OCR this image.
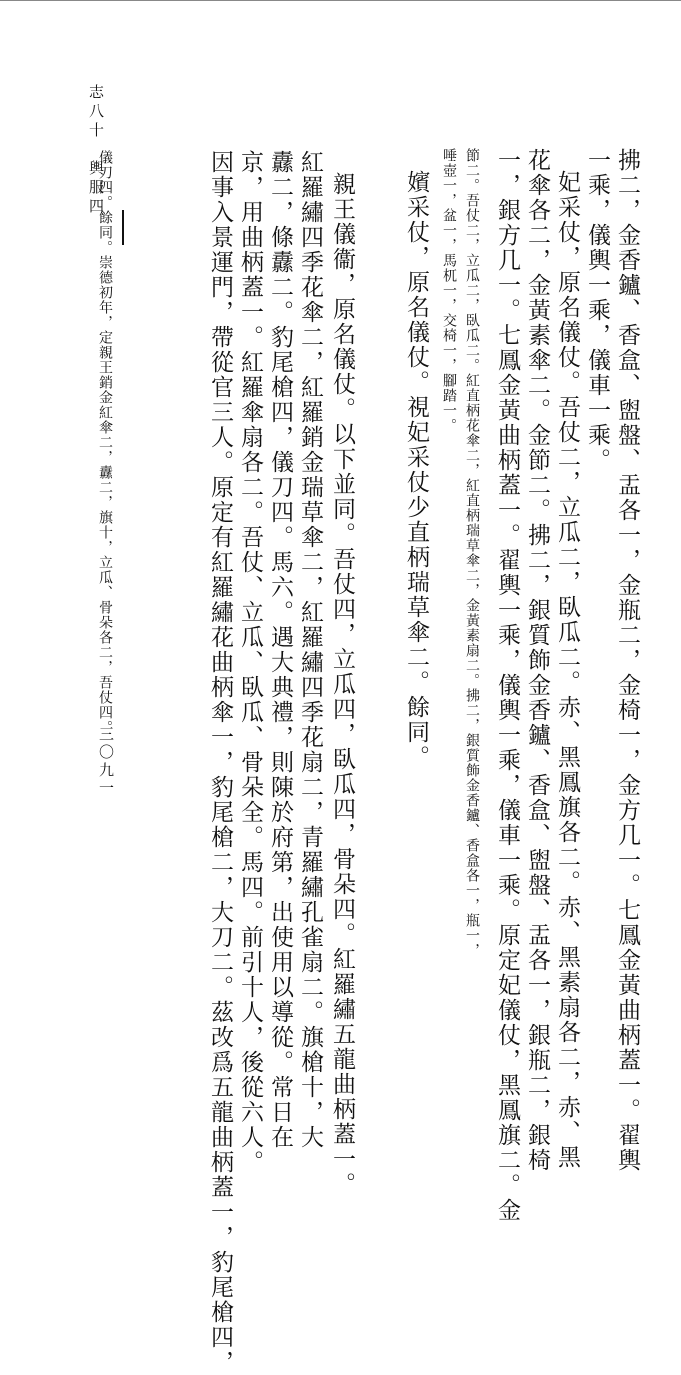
拂二，金香鑪、香盒、盥盤、盂各一，金瓶二，金椅一，金方几一。七鳳金黃曲柄蓋一。翟輿
一乘，儀輿一乘，儀車一乘。
妃采仗，原名儀仗。吾仗二，立瓜二，臥瓜二。赤、黑鳳旗各二。赤、黑素扇各二，赤、黑
花傘各二，金黃素傘二。金節二。拂二，銀質飾金香鑪、香盒、盥盤、盂各一，銀瓶二，銀椅
一，銀方几一。七鳳金黃曲柄蓋一。翟輿一乘，儀輿一乘，儀車一乘。原定妃儀仗，黑鳳旗二。金
節二。吾仗二，立瓜二，臥瓜二。紅直柄花傘二，紅直柄瑞草傘二，金黃素扇二。拂二，銀質飾金香鑪、香盒各一，瓶一，
唾壺一，盆一，馬杌一，交椅一，腳踏一。
嬪采仗，原名儀仗。視妃采仗少直柄瑞草傘二。餘同。
親王儀衞，原名儀仗。以下並同。吾仗四，立瓜四，臥瓜四，骨朵四。紅羅繡五龍曲柄蓋一。
紅羅繡四季花傘二，紅羅銷金瑞草傘二，紅羅繡四季花扇二，青羅繡孔雀扇二。旗槍十，大
纛二，條纛二。豹尾槍四，儀刀四。馬六。遇大典禮，則陳於府第，出使用以導從。常日在
京，用曲柄蓋一。紅羅傘扇各二。吾仗、立瓜、臥瓜、骨朵全。馬四。前引十人，後從六人。
因事入景運門，帶從官三人。原定有紅羅繡花曲柄傘一，豹尾槍二，大刀二。茲改爲五龍曲柄蓋一，豹尾槍四，
儀刀四。餘同。崇德初年，定親王銷金紅傘二，纛二，旗十，立瓜、骨朵各二，吾仗四。
志八十　輿服四
三〇九一
